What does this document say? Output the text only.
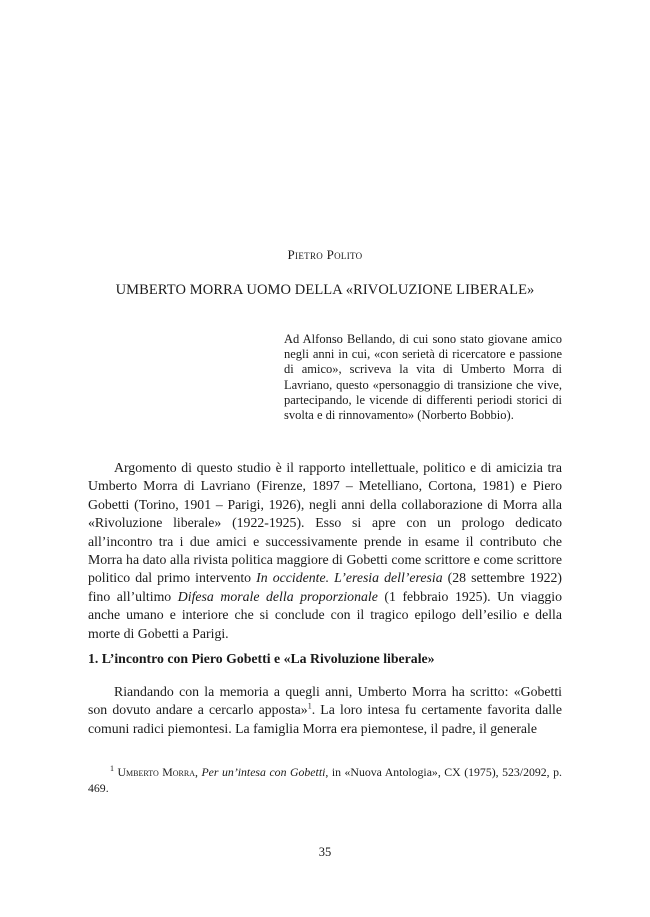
Pietro Polito
UMBERTO MORRA UOMO DELLA «RIVOLUZIONE LIBERALE»
Ad Alfonso Bellando, di cui sono stato giovane amico negli anni in cui, «con serietà di ricercatore e passione di amico», scriveva la vita di Umberto Morra di Lavriano, questo «personaggio di transizione che vive, partecipando, le vicende di differenti periodi storici di svolta e di rinnovamento» (Norberto Bobbio).
Argomento di questo studio è il rapporto intellettuale, politico e di amicizia tra Umberto Morra di Lavriano (Firenze, 1897 – Metelliano, Cortona, 1981) e Piero Gobetti (Torino, 1901 – Parigi, 1926), negli anni della collaborazione di Morra alla «Rivoluzione liberale» (1922-1925). Esso si apre con un prologo dedicato all’incontro tra i due amici e successivamente prende in esame il contributo che Morra ha dato alla rivista politica maggiore di Gobetti come scrittore e come scrittore politico dal primo intervento In occidente. L’eresia dell’eresia (28 settembre 1922) fino all’ultimo Difesa morale della proporzionale (1 febbraio 1925). Un viaggio anche umano e interiore che si conclude con il tragico epilogo dell’esilio e della morte di Gobetti a Parigi.
1. L’incontro con Piero Gobetti e «La Rivoluzione liberale»
Riandando con la memoria a quegli anni, Umberto Morra ha scritto: «Gobetti son dovuto andare a cercarlo apposta»$^1$. La loro intesa fu certamente favorita dalle comuni radici piemontesi. La famiglia Morra era piemontese, il padre, il generale
$^1$ Umberto Morra, Per un’intesa con Gobetti, in «Nuova Antologia», CX (1975), 523/2092, p. 469.
35
